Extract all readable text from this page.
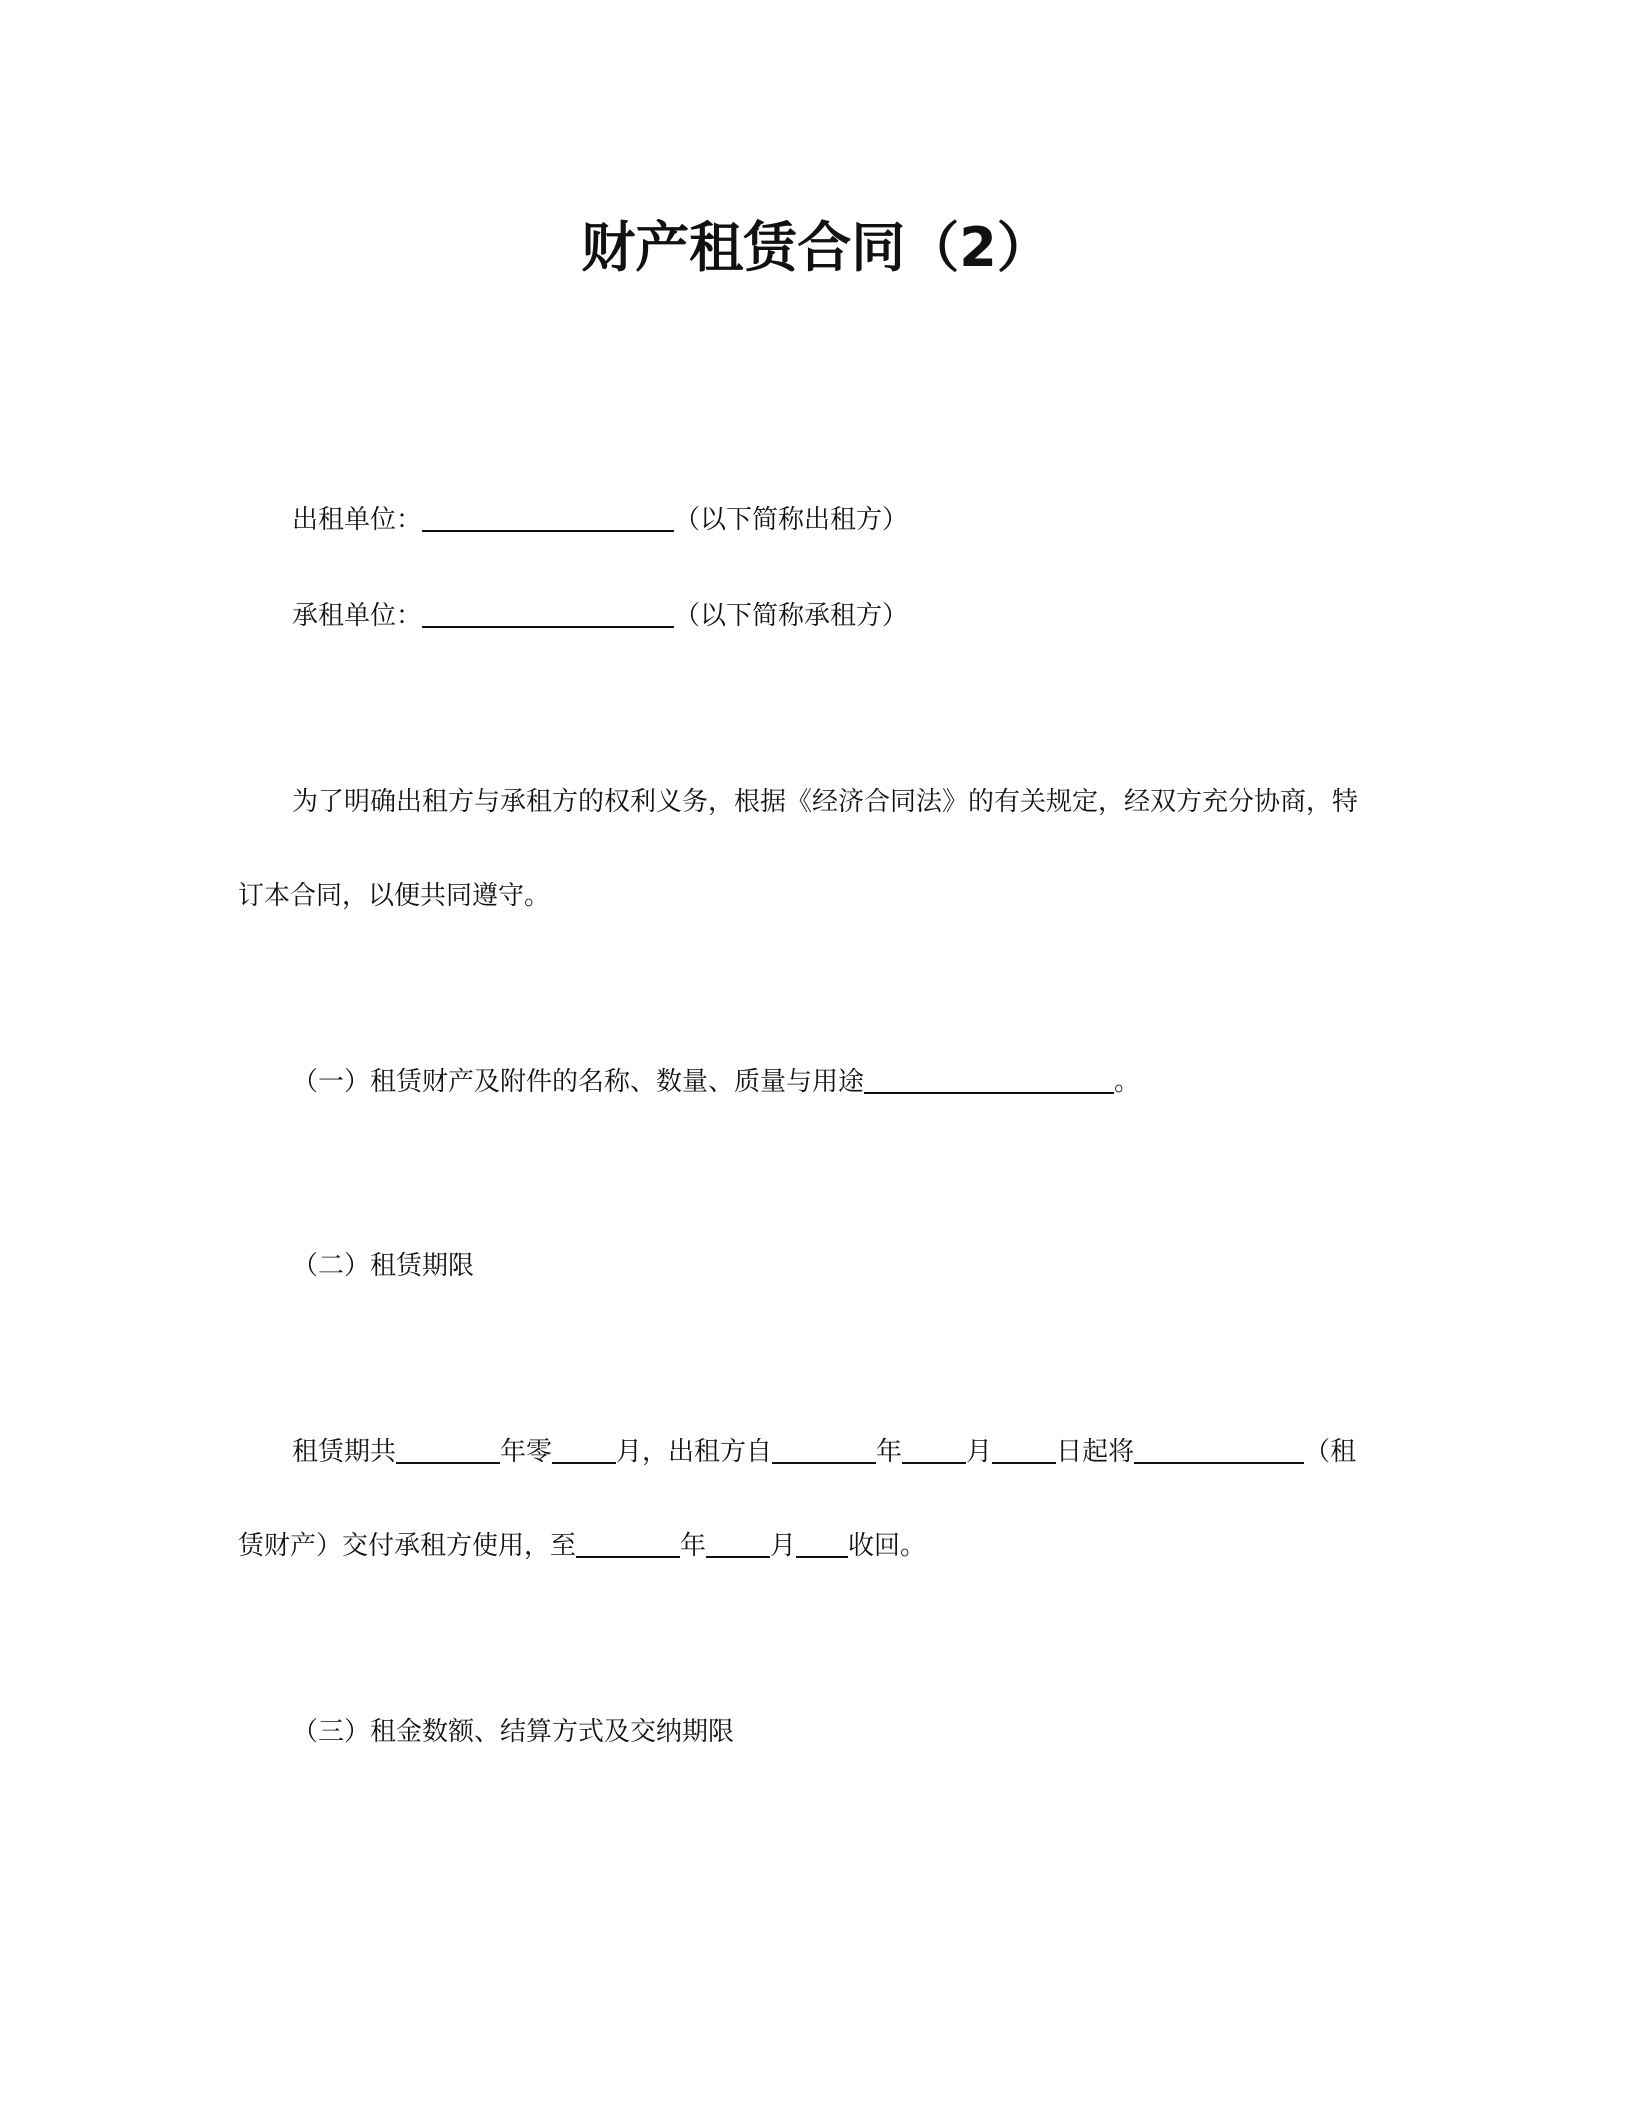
财产租赁合同（2）
出租单位：	（以下简称出租方）
承租单位：	（以下简称承租方）
为了明确出租方与承租方的权利义务，根据《经济合同法》的有关规定，经双方充分协商，特
订本合同，以便共同遵守。
（一）租赁财产及附件的名称、数量、质量与用途	。
（二）租赁期限
租赁期共	年零 月，出租方自	年 月 日起将	（租
赁财产）交付承租方使用，至	年 月 收回。
（三）租金数额、结算方式及交纳期限
